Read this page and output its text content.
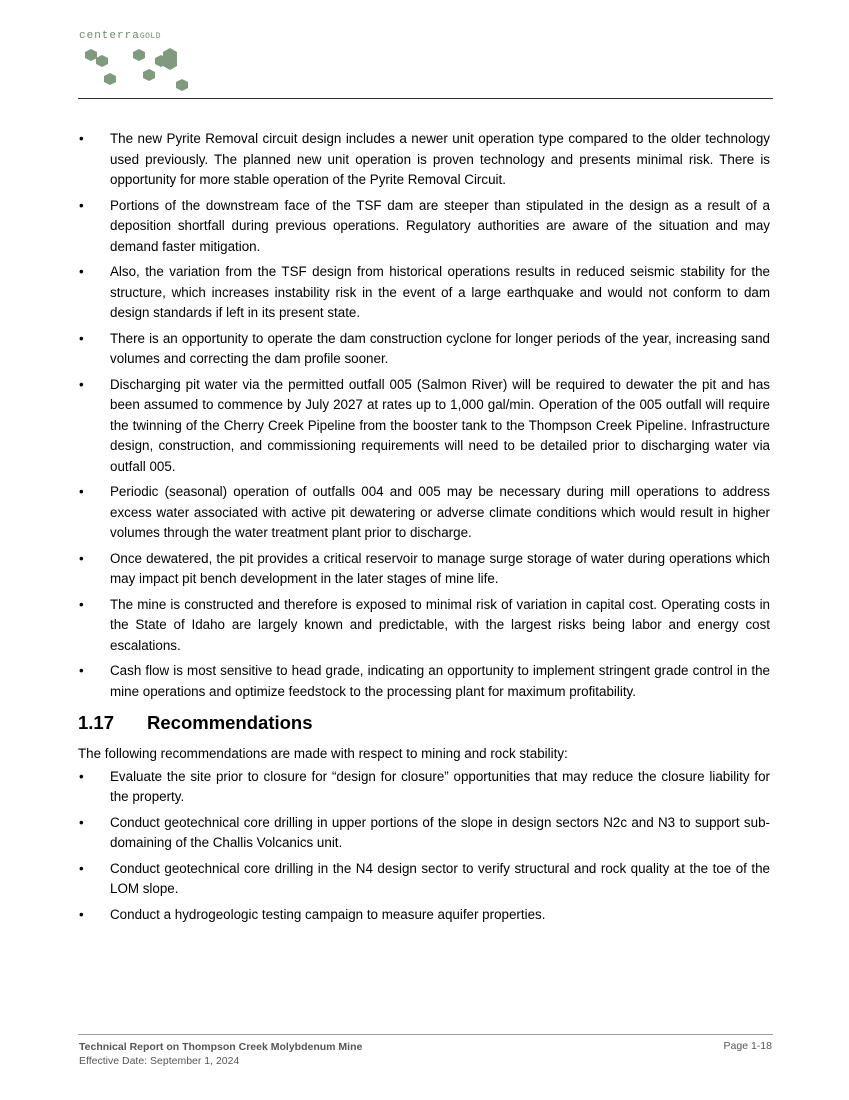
centerraGOLD
• The new Pyrite Removal circuit design includes a newer unit operation type compared to the older technology used previously. The planned new unit operation is proven technology and presents minimal risk. There is opportunity for more stable operation of the Pyrite Removal Circuit.
• Portions of the downstream face of the TSF dam are steeper than stipulated in the design as a result of a deposition shortfall during previous operations. Regulatory authorities are aware of the situation and may demand faster mitigation.
• Also, the variation from the TSF design from historical operations results in reduced seismic stability for the structure, which increases instability risk in the event of a large earthquake and would not conform to dam design standards if left in its present state.
• There is an opportunity to operate the dam construction cyclone for longer periods of the year, increasing sand volumes and correcting the dam profile sooner.
• Discharging pit water via the permitted outfall 005 (Salmon River) will be required to dewater the pit and has been assumed to commence by July 2027 at rates up to 1,000 gal/min. Operation of the 005 outfall will require the twinning of the Cherry Creek Pipeline from the booster tank to the Thompson Creek Pipeline. Infrastructure design, construction, and commissioning requirements will need to be detailed prior to discharging water via outfall 005.
• Periodic (seasonal) operation of outfalls 004 and 005 may be necessary during mill operations to address excess water associated with active pit dewatering or adverse climate conditions which would result in higher volumes through the water treatment plant prior to discharge.
• Once dewatered, the pit provides a critical reservoir to manage surge storage of water during operations which may impact pit bench development in the later stages of mine life.
• The mine is constructed and therefore is exposed to minimal risk of variation in capital cost. Operating costs in the State of Idaho are largely known and predictable, with the largest risks being labor and energy cost escalations.
• Cash flow is most sensitive to head grade, indicating an opportunity to implement stringent grade control in the mine operations and optimize feedstock to the processing plant for maximum profitability.
1.17 Recommendations
The following recommendations are made with respect to mining and rock stability:
• Evaluate the site prior to closure for “design for closure” opportunities that may reduce the closure liability for the property.
• Conduct geotechnical core drilling in upper portions of the slope in design sectors N2c and N3 to support sub-domaining of the Challis Volcanics unit.
• Conduct geotechnical core drilling in the N4 design sector to verify structural and rock quality at the toe of the LOM slope.
• Conduct a hydrogeologic testing campaign to measure aquifer properties.
Technical Report on Thompson Creek Molybdenum Mine
Effective Date: September 1, 2024
Page 1-18
